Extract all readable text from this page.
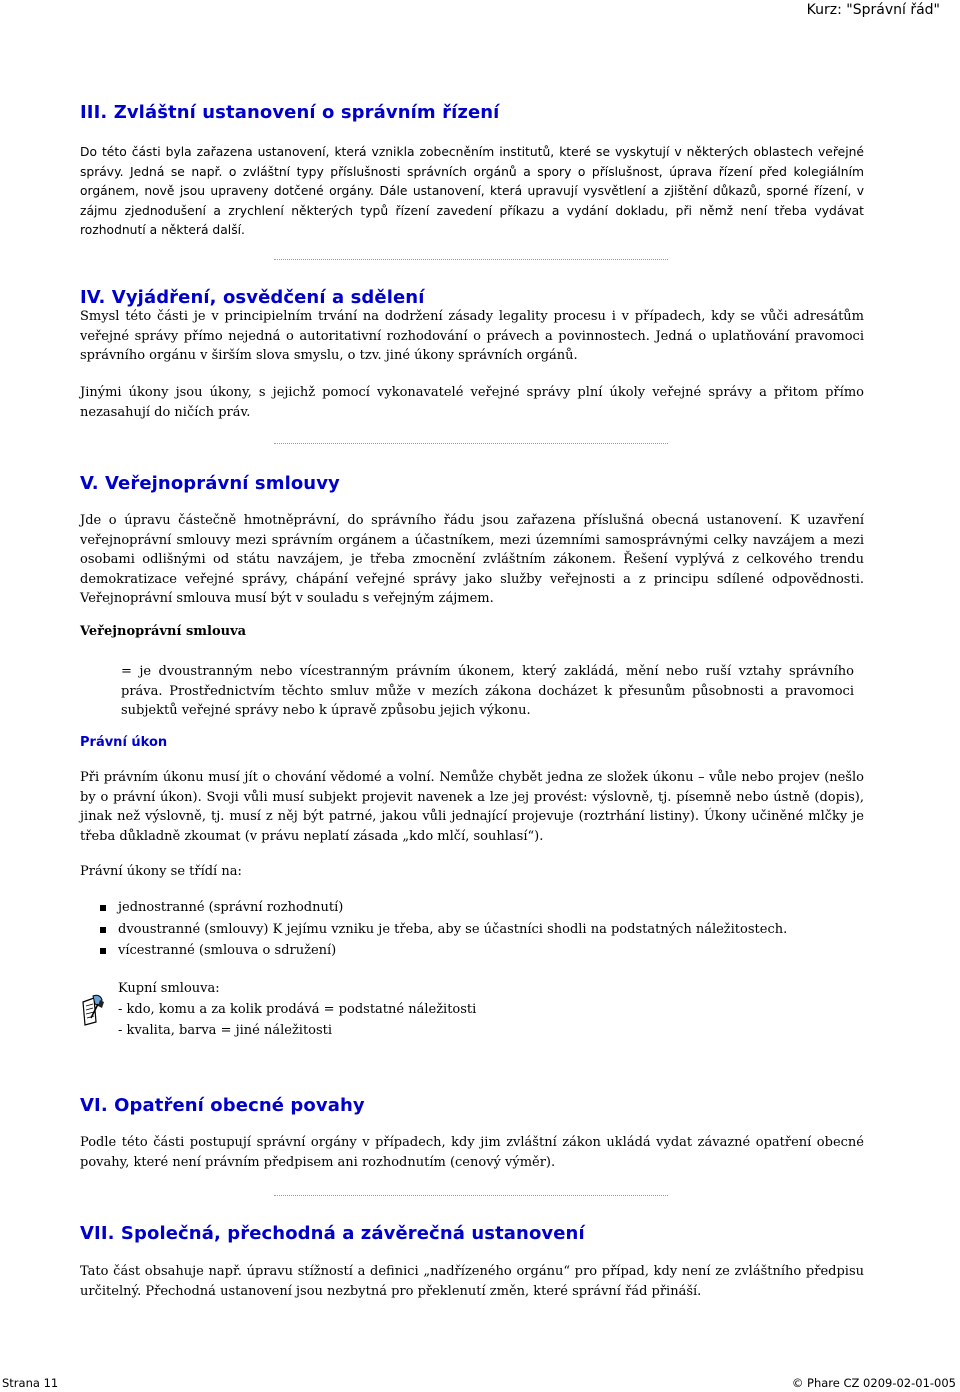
Kurz: "Správní řád"
III. Zvláštní ustanovení o správním řízení

Do této části byla zařazena ustanovení, která vznikla zobecněním institutů, které se vyskytují v některých oblastech veřejné správy. Jedná se např. o zvláštní typy příslušnosti správních orgánů a spory o příslušnost, úprava řízení před kolegiálním orgánem, nově jsou upraveny dotčené orgány. Dále ustanovení, která upravují vysvětlení a zjištění důkazů, sporné řízení, v zájmu zjednodušení a zrychlení některých typů řízení zavedení příkazu a vydání dokladu, při němž není třeba vydávat rozhodnutí a některá další.

IV. Vyjádření, osvědčení a sdělení

Smysl této části je v principielním trvání na dodržení zásady legality procesu i v případech, kdy se vůči adresátům veřejné správy přímo nejedná o autoritativní rozhodování o právech a povinnostech. Jedná o uplatňování pravomoci správního orgánu v širším slova smyslu, o tzv. jiné úkony správních orgánů.

Jinými úkony jsou úkony, s jejichž pomocí vykonavatelé veřejné správy plní úkoly veřejné správy a přitom přímo nezasahují do ničích práv.

V. Veřejnoprávní smlouvy

Jde o úpravu částečně hmotněprávní, do správního řádu jsou zařazena příslušná obecná ustanovení. K uzavření veřejnoprávní smlouvy mezi správním orgánem a účastníkem, mezi územními samosprávnými celky navzájem a mezi osobami odlišnými od státu navzájem, je třeba zmocnění zvláštním zákonem. Řešení vyplývá z celkového trendu demokratizace veřejné správy, chápání veřejné správy jako služby veřejnosti a z principu sdílené odpovědnosti. Veřejnoprávní smlouva musí být v souladu s veřejným zájmem.

Veřejnoprávní smlouva

= je dvoustranným nebo vícestranným právním úkonem, který zakládá, mění nebo ruší vztahy správního práva. Prostřednictvím těchto smluv může v mezích zákona docházet k přesunům působnosti a pravomoci subjektů veřejné správy nebo k úpravě způsobu jejich výkonu.

Právní úkon

Při právním úkonu musí jít o chování vědomé a volní. Nemůže chybět jedna ze složek úkonu – vůle nebo projev (nešlo by o právní úkon). Svoji vůli musí subjekt projevit navenek a lze jej provést: výslovně, tj. písemně nebo ústně (dopis), jinak než výslovně, tj. musí z něj být patrné, jakou vůli jednající projevuje (roztrhání listiny). Úkony učiněné mlčky je třeba důkladně zkoumat (v právu neplatí zásada „kdo mlčí, souhlasí“).

Právní úkony se třídí na:

jednostranné (správní rozhodnutí)
dvoustranné (smlouvy) K jejímu vzniku je třeba, aby se účastníci shodli na podstatných náležitostech.
vícestranné (smlouva o sdružení)
Kupní smlouva:
- kdo, komu a za kolik prodává = podstatné náležitosti
- kvalita, barva = jiné náležitosti
VI. Opatření obecné povahy

Podle této části postupují správní orgány v případech, kdy jim zvláštní zákon ukládá vydat závazné opatření obecné povahy, které není právním předpisem ani rozhodnutím (cenový výměr).

VII. Společná, přechodná a závěrečná ustanovení

Tato část obsahuje např. úpravu stížností a definici „nadřízeného orgánu“ pro případ, kdy není ze zvláštního předpisu určitelný. Přechodná ustanovení jsou nezbytná pro překlenutí změn, které správní řád přináší.

Strana 11	© Phare CZ 0209-02-01-005
